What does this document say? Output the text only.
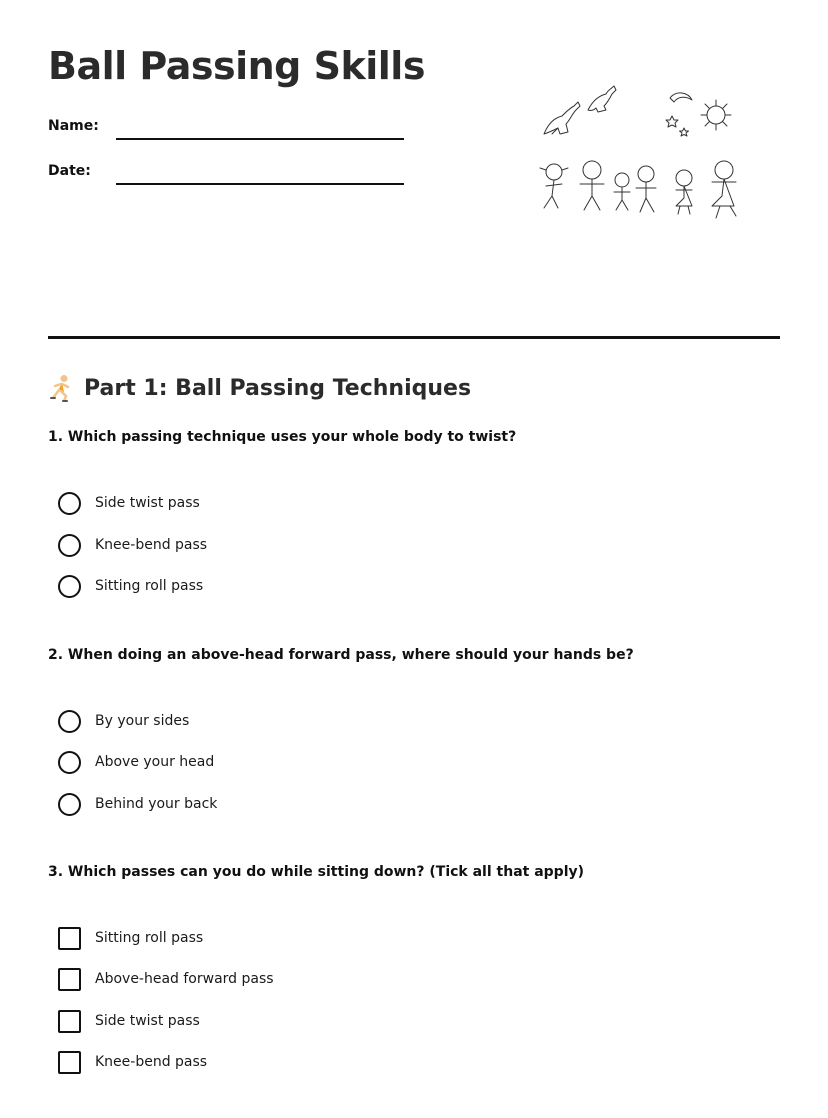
Ball Passing Skills
Name:
Date:
Part 1: Ball Passing Techniques
1. Which passing technique uses your whole body to twist?
Side twist pass
Knee-bend pass
Sitting roll pass
2. When doing an above-head forward pass, where should your hands be?
By your sides
Above your head
Behind your back
3. Which passes can you do while sitting down? (Tick all that apply)
Sitting roll pass
Above-head forward pass
Side twist pass
Knee-bend pass
